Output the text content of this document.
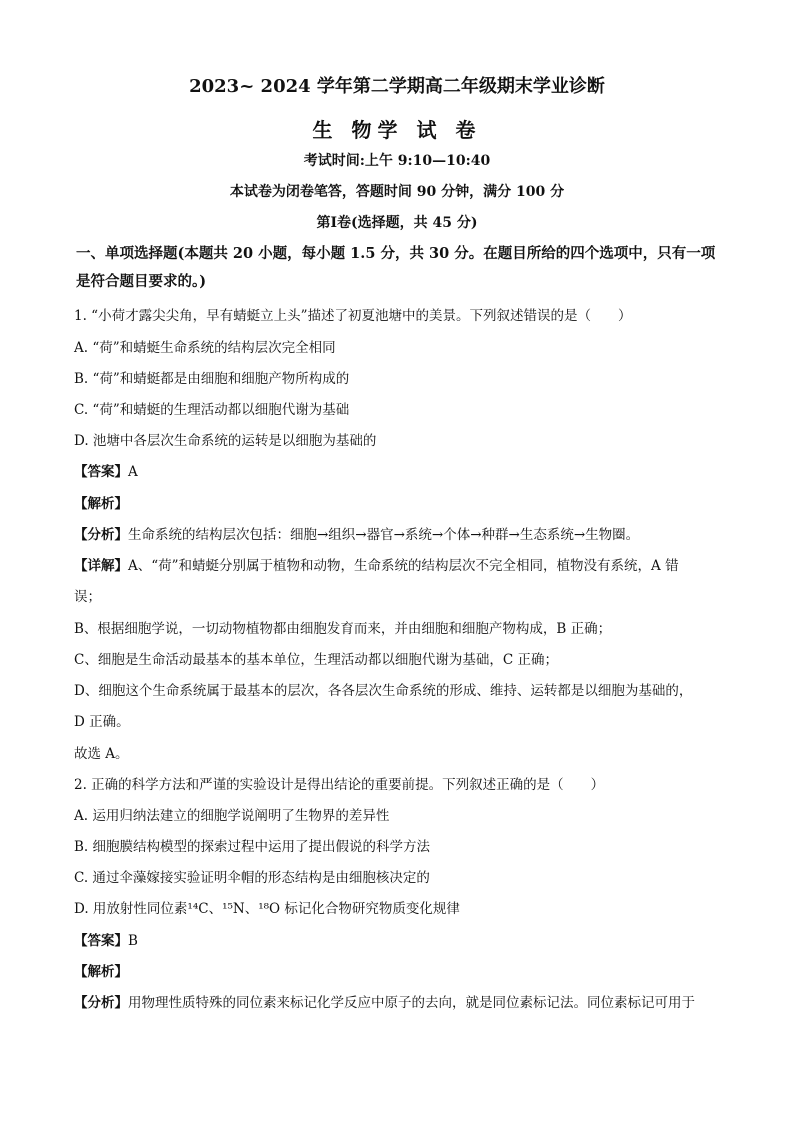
2023~ 2024 学年第二学期高二年级期末学业诊断
生 物学 试 卷
考试时间:上午 9:10—10:40
本试卷为闭卷笔答，答题时间 90 分钟，满分 100 分
第Ⅰ卷(选择题，共 45 分)
一、单项选择题(本题共 20 小题，每小题 1.5 分，共 30 分。在题目所给的四个选项中，只有一项是符合题目要求的。)
1. “小荷才露尖尖角，早有蜻蜓立上头”描述了初夏池塘中的美景。下列叙述错误的是（　　）
A. “荷”和蜻蜓生命系统的结构层次完全相同
B. “荷”和蜻蜓都是由细胞和细胞产物所构成的
C. “荷”和蜻蜓的生理活动都以细胞代谢为基础
D. 池塘中各层次生命系统的运转是以细胞为基础的
【答案】A
【解析】
【分析】生命系统的结构层次包括：细胞→组织→器官→系统→个体→种群→生态系统→生物圈。
【详解】A、“荷”和蜻蜓分别属于植物和动物，生命系统的结构层次不完全相同，植物没有系统，A 错
误；
B、根据细胞学说，一切动物植物都由细胞发育而来，并由细胞和细胞产物构成，B 正确；
C、细胞是生命活动最基本的基本单位，生理活动都以细胞代谢为基础，C 正确；
D、细胞这个生命系统属于最基本的层次，各各层次生命系统的形成、维持、运转都是以细胞为基础的，
D 正确。
故选 A。
2. 正确的科学方法和严谨的实验设计是得出结论的重要前提。下列叙述正确的是（　　）
A. 运用归纳法建立的细胞学说阐明了生物界的差异性
B. 细胞膜结构模型的探索过程中运用了提出假说的科学方法
C. 通过伞藻嫁接实验证明伞帽的形态结构是由细胞核决定的
D. 用放射性同位素¹⁴C、¹⁵N、¹⁸O 标记化合物研究物质变化规律
【答案】B
【解析】
【分析】用物理性质特殊的同位素来标记化学反应中原子的去向，就是同位素标记法。同位素标记可用于
